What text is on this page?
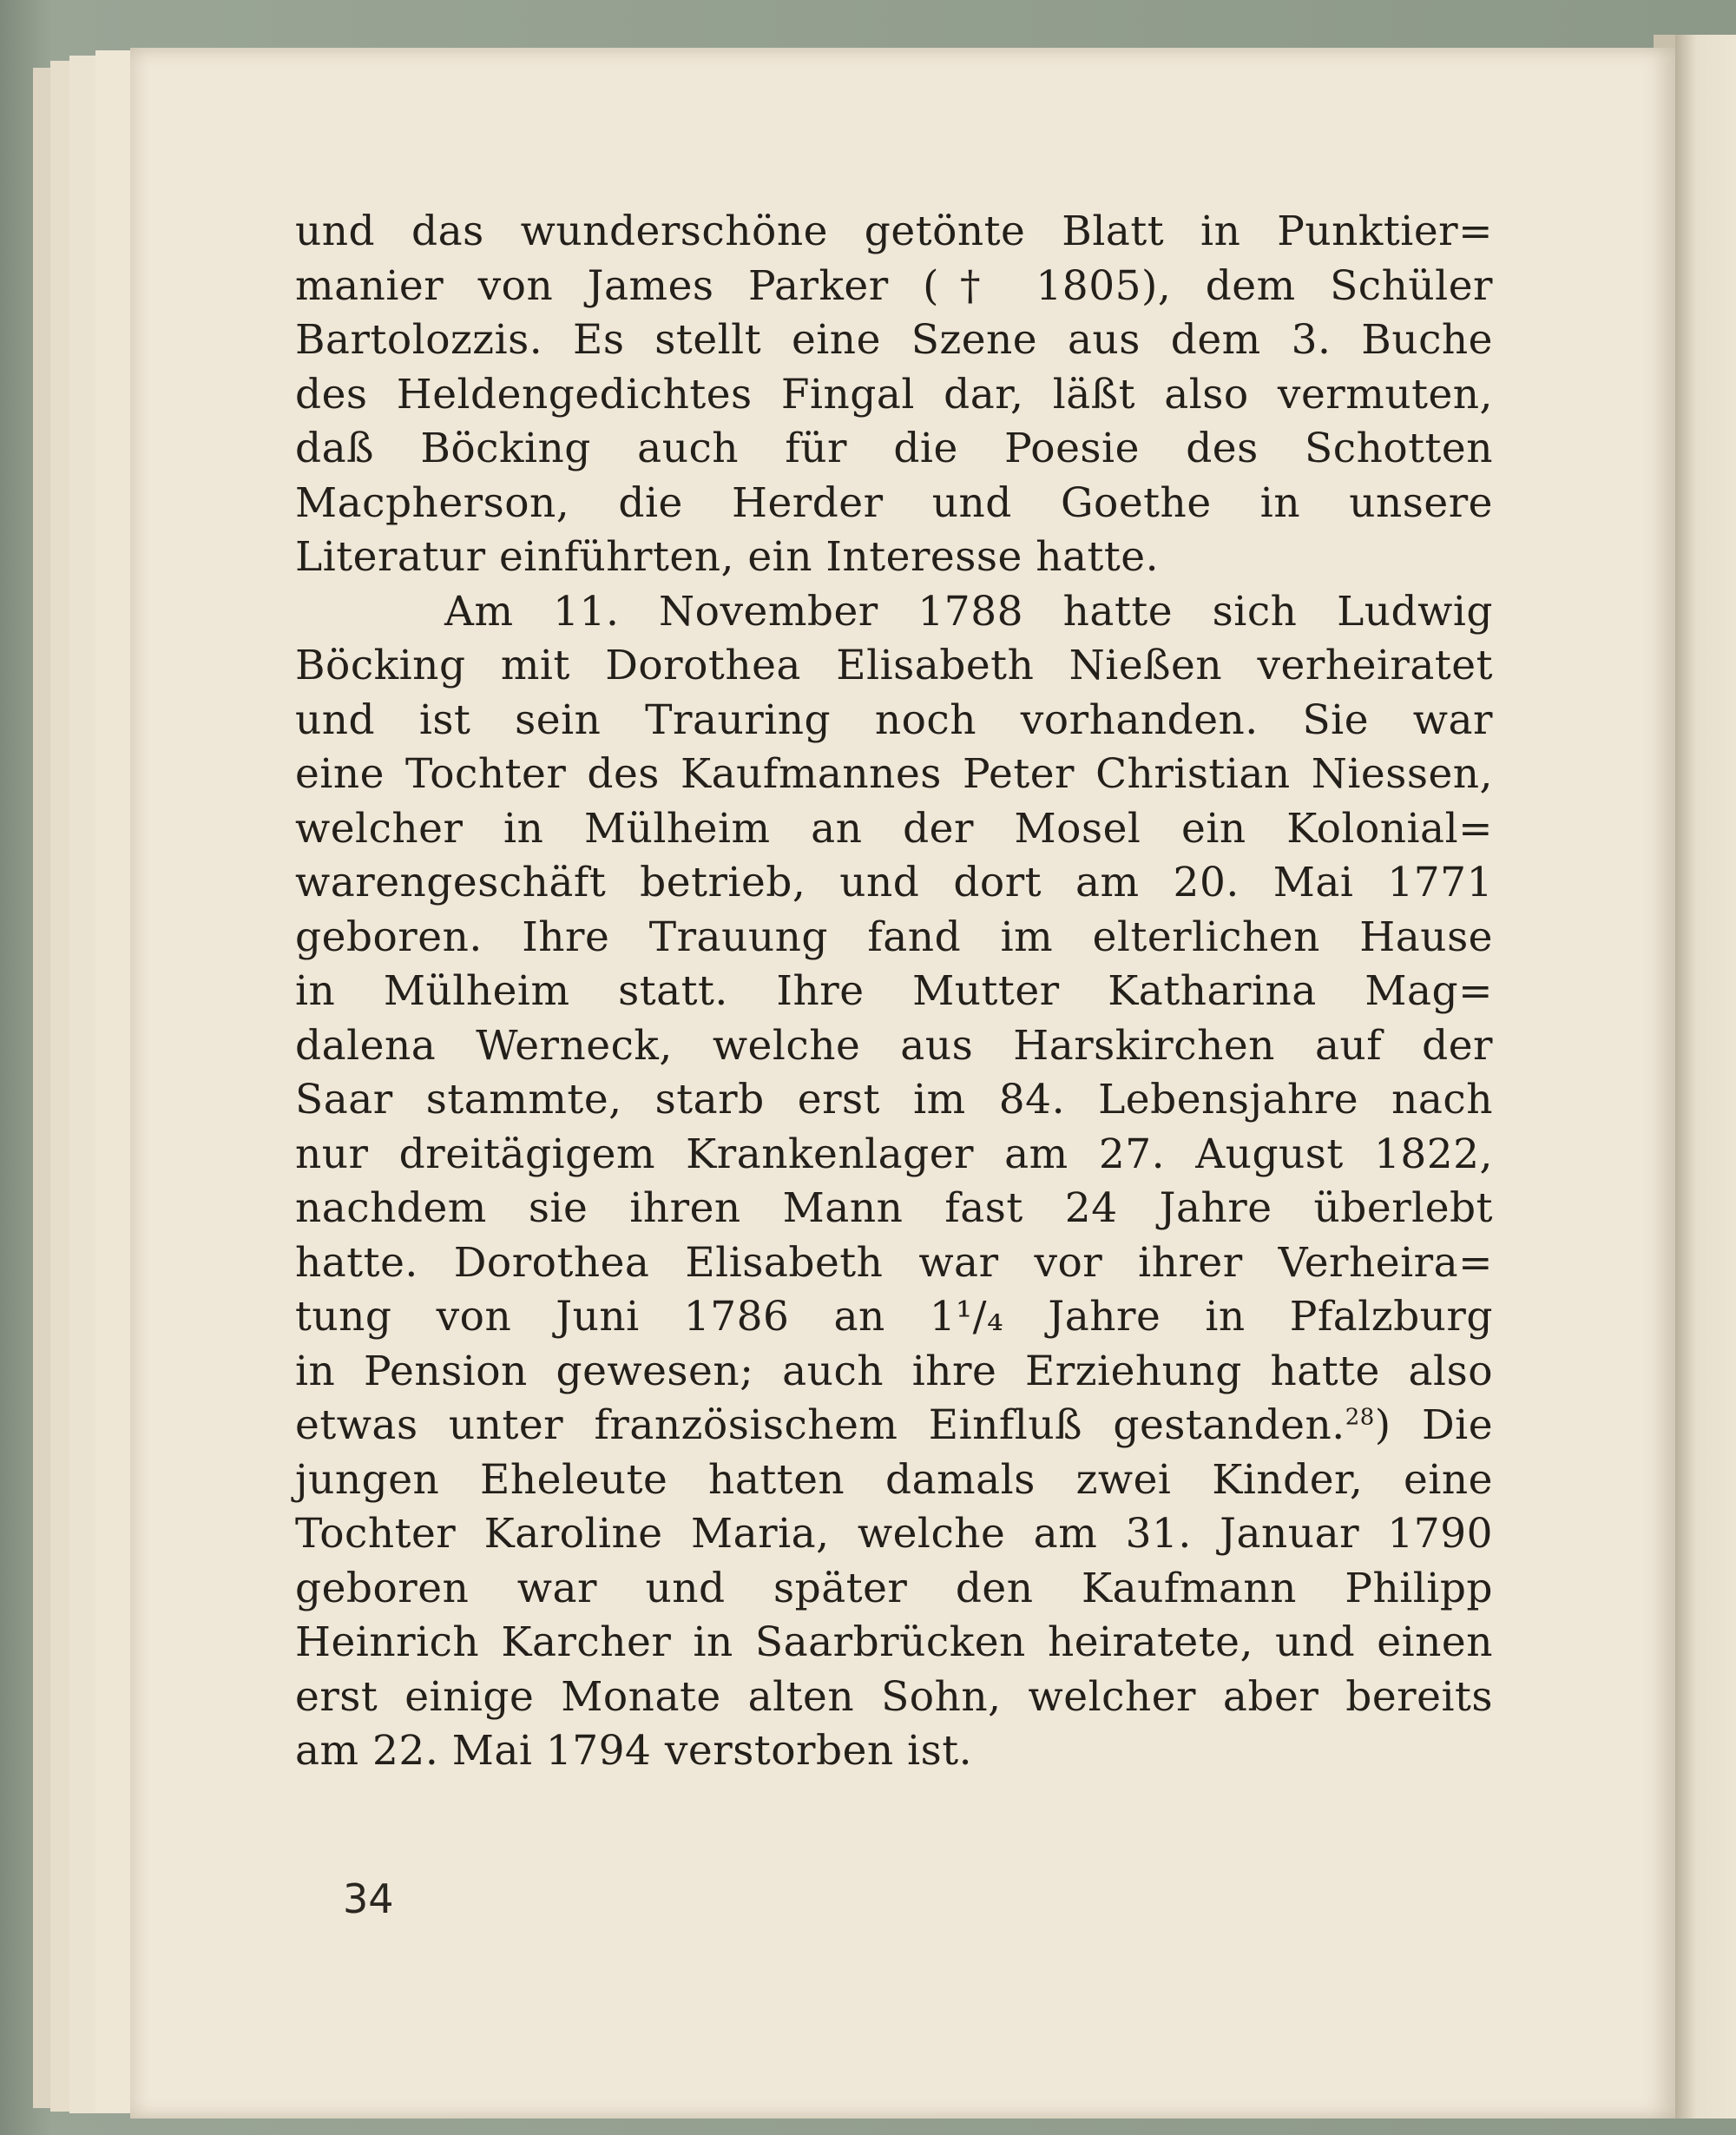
und das wunderschöne getönte Blatt in Punktier=
manier von James Parker († 1805), dem Schüler
Bartolozzis. Es stellt eine Szene aus dem 3. Buche
des Heldengedichtes Fingal dar, läßt also vermuten,
daß Böcking auch für die Poesie des Schotten
Macpherson, die Herder und Goethe in unsere
Literatur einführten, ein Interesse hatte.
Am 11. November 1788 hatte sich Ludwig
Böcking mit Dorothea Elisabeth Nießen verheiratet
und ist sein Trauring noch vorhanden. Sie war
eine Tochter des Kaufmannes Peter Christian Niessen,
welcher in Mülheim an der Mosel ein Kolonial=
warengeschäft betrieb, und dort am 20. Mai 1771
geboren. Ihre Trauung fand im elterlichen Hause
in Mülheim statt. Ihre Mutter Katharina Mag=
dalena Werneck, welche aus Harskirchen auf der
Saar stammte, starb erst im 84. Lebensjahre nach
nur dreitägigem Krankenlager am 27. August 1822,
nachdem sie ihren Mann fast 24 Jahre überlebt
hatte. Dorothea Elisabeth war vor ihrer Verheira=
tung von Juni 1786 an 1¹/₄ Jahre in Pfalzburg
in Pension gewesen; auch ihre Erziehung hatte also
etwas unter französischem Einfluß gestanden.$^{28}$) Die
jungen Eheleute hatten damals zwei Kinder, eine
Tochter Karoline Maria, welche am 31. Januar 1790
geboren war und später den Kaufmann Philipp
Heinrich Karcher in Saarbrücken heiratete, und einen
erst einige Monate alten Sohn, welcher aber bereits
am 22. Mai 1794 verstorben ist.
34
